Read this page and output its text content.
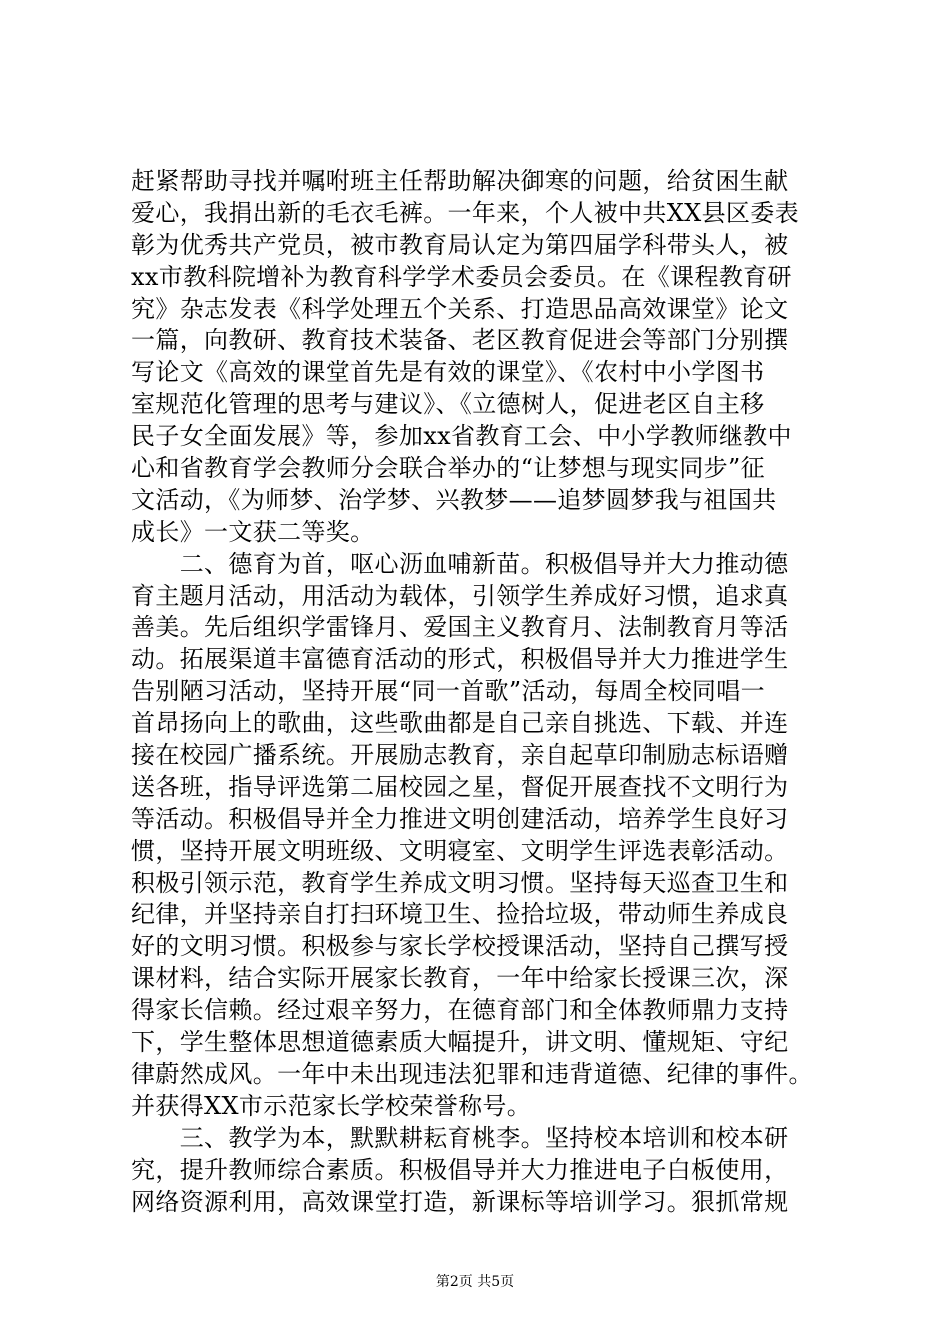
赶紧帮助寻找并嘱咐班主任帮助解决御寒的问题，给贫困生献
爱心，我捐出新的毛衣毛裤。一年来，个人被中共XX县区委表
彰为优秀共产党员，被市教育局认定为第四届学科带头人，被
xx市教科院增补为教育科学学术委员会委员。在《课程教育研
究》杂志发表《科学处理五个关系、打造思品高效课堂》论文
一篇，向教研、教育技术装备、老区教育促进会等部门分别撰
写论文《高效的课堂首先是有效的课堂》、《农村中小学图书
室规范化管理的思考与建议》、《立德树人，促进老区自主移
民子女全面发展》等，参加xx省教育工会、中小学教师继教中
心和省教育学会教师分会联合举办的“让梦想与现实同步”征
文活动，《为师梦、治学梦、兴教梦——追梦圆梦我与祖国共
成长》一文获二等奖。
　　二、德育为首，呕心沥血哺新苗。积极倡导并大力推动德
育主题月活动，用活动为载体，引领学生养成好习惯，追求真
善美。先后组织学雷锋月、爱国主义教育月、法制教育月等活
动。拓展渠道丰富德育活动的形式，积极倡导并大力推进学生
告别陋习活动，坚持开展“同一首歌”活动，每周全校同唱一
首昂扬向上的歌曲，这些歌曲都是自己亲自挑选、下载、并连
接在校园广播系统。开展励志教育，亲自起草印制励志标语赠
送各班，指导评选第二届校园之星，督促开展查找不文明行为
等活动。积极倡导并全力推进文明创建活动，培养学生良好习
惯，坚持开展文明班级、文明寝室、文明学生评选表彰活动。
积极引领示范，教育学生养成文明习惯。坚持每天巡查卫生和
纪律，并坚持亲自打扫环境卫生、捡拾垃圾，带动师生养成良
好的文明习惯。积极参与家长学校授课活动，坚持自己撰写授
课材料，结合实际开展家长教育，一年中给家长授课三次，深
得家长信赖。经过艰辛努力，在德育部门和全体教师鼎力支持
下，学生整体思想道德素质大幅提升，讲文明、懂规矩、守纪
律蔚然成风。一年中未出现违法犯罪和违背道德、纪律的事件。
并获得XX市示范家长学校荣誉称号。
　　三、教学为本，默默耕耘育桃李。坚持校本培训和校本研
究，提升教师综合素质。积极倡导并大力推进电子白板使用，
网络资源利用，高效课堂打造，新课标等培训学习。狠抓常规
第2页 共5页
